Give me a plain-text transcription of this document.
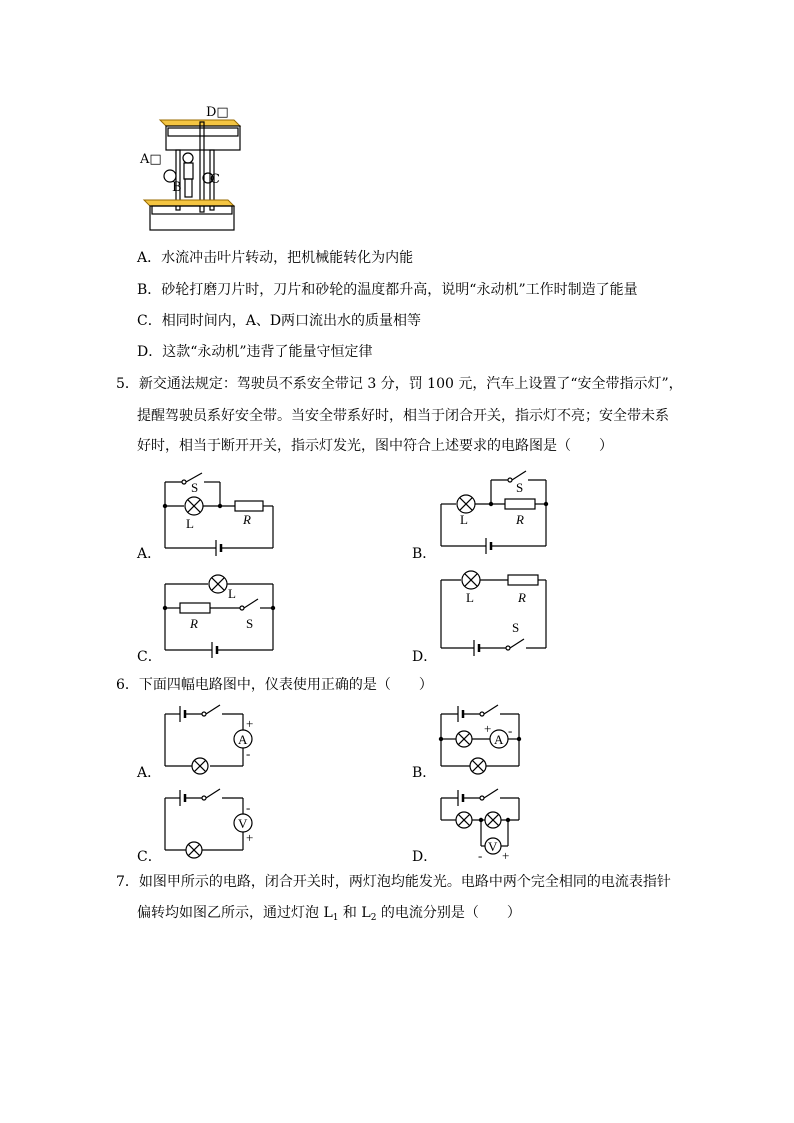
D□
A□
B
C
A．水流冲击叶片转动，把机械能转化为内能
B．砂轮打磨刀片时，刀片和砂轮的温度都升高，说明“永动机”工作时制造了能量
C．相同时间内，A、D两口流出水的质量相等
D．这款“永动机”违背了能量守恒定律
5．新交通法规定：驾驶员不系安全带记 3 分，罚 100 元，汽车上设置了“安全带指示灯”，
提醒驾驶员系好安全带。当安全带系好时，相当于闭合开关，指示灯不亮；安全带未系
好时，相当于断开开关，指示灯发光，图中符合上述要求的电路图是（　　）
S
L	R
A．
S
L	R
B．
L
R	S
C．
L	R
S
D．
6．下面四幅电路图中，仪表使用正确的是（　　）
A
+
-
A．
A
+ -
B．
V
-
+
C．
V
- +
D．
7．如图甲所示的电路，闭合开关时，两灯泡均能发光。电路中两个完全相同的电流表指针
偏转均如图乙所示，通过灯泡 $L_1$ 和 $L_2$ 的电流分别是（　　）
